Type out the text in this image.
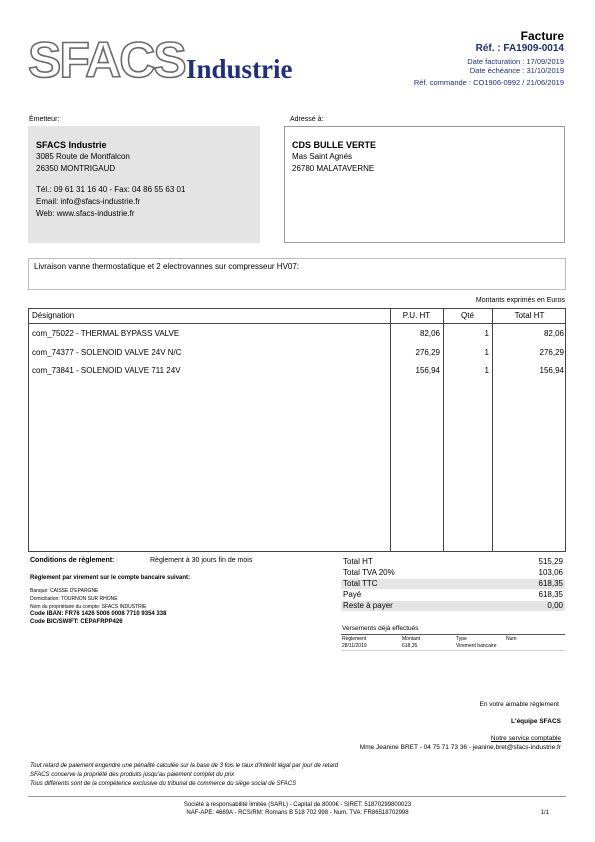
SFACS Industrie
Facture
Réf. : FA1909-0014
Date facturation : 17/09/2019
Date échéance : 31/10/2019
Réf. commande : CO1906-0992 / 21/06/2019
Émetteur:
SFACS Industrie
3085 Route de Montfalcon
26350 MONTRIGAUD
Tél.: 09 61 31 16 40 - Fax: 04 86 55 63 01
Email: info@sfacs-industrie.fr
Web: www.sfacs-industrie.fr
Adressé à:
CDS BULLE VERTE
Mas Saint Agnés
26780 MALATAVERNE
Livraison vanne thermostatique et 2 electrovannes sur compresseur HV07:
Montants exprimés en Euros
Désignation	P.U. HT	Qté	Total HT
com_75022 - THERMAL BYPASS VALVE	82,06	1	82,06
com_74377 - SOLENOID VALVE 24V N/C	276,29	1	276,29
com_73841 - SOLENOID VALVE 711 24V	156,94	1	156,94
Conditions de règlement:	Règlement à 30 jours fin de mois
Règlement par virement sur le compte bancaire suivant:
Banque: CAISSE D'EPARGNE
Domiciliation: TOURNON SUR RHONE
Nom du propriétaire du compte: SFACS INDUSTRIE
Code IBAN: FR76 1426 5006 0008 7710 9354 338
Code BIC/SWIFT: CEPAFRPP426
Total HT	515,29
Total TVA 20%	103,06
Total TTC	618,35
Payé	618,35
Reste à payer	0,00
Versements déjà effectués
Règlement	Montant	Type	Num
28/11/2019	618,35	Virement bancaire
En votre aimable règlement
L'équipe SFACS
Notre service comptable
Mme Jeanine BRET - 04 75 71 73 36 - jeanine.bret@sfacs-industrie.fr
Tout retard de paiement engendre une pénalité calculée sur la base de 3 fois le taux d'intérêt légal par jour de retard
SFACS conserve la propriété des produits jusqu'au paiement complet du prix
Tous différents sont de la compétence exclusive du tribunal de commerce du siège social de SFACS
Société à responsabilité limitée (SARL) - Capital de 8000€ - SIRET: 51870299800023
NAF-APE: 4669A - RCS/RM: Romans B 518 702 998 - Num. TVA: FR86518702998	1/1
